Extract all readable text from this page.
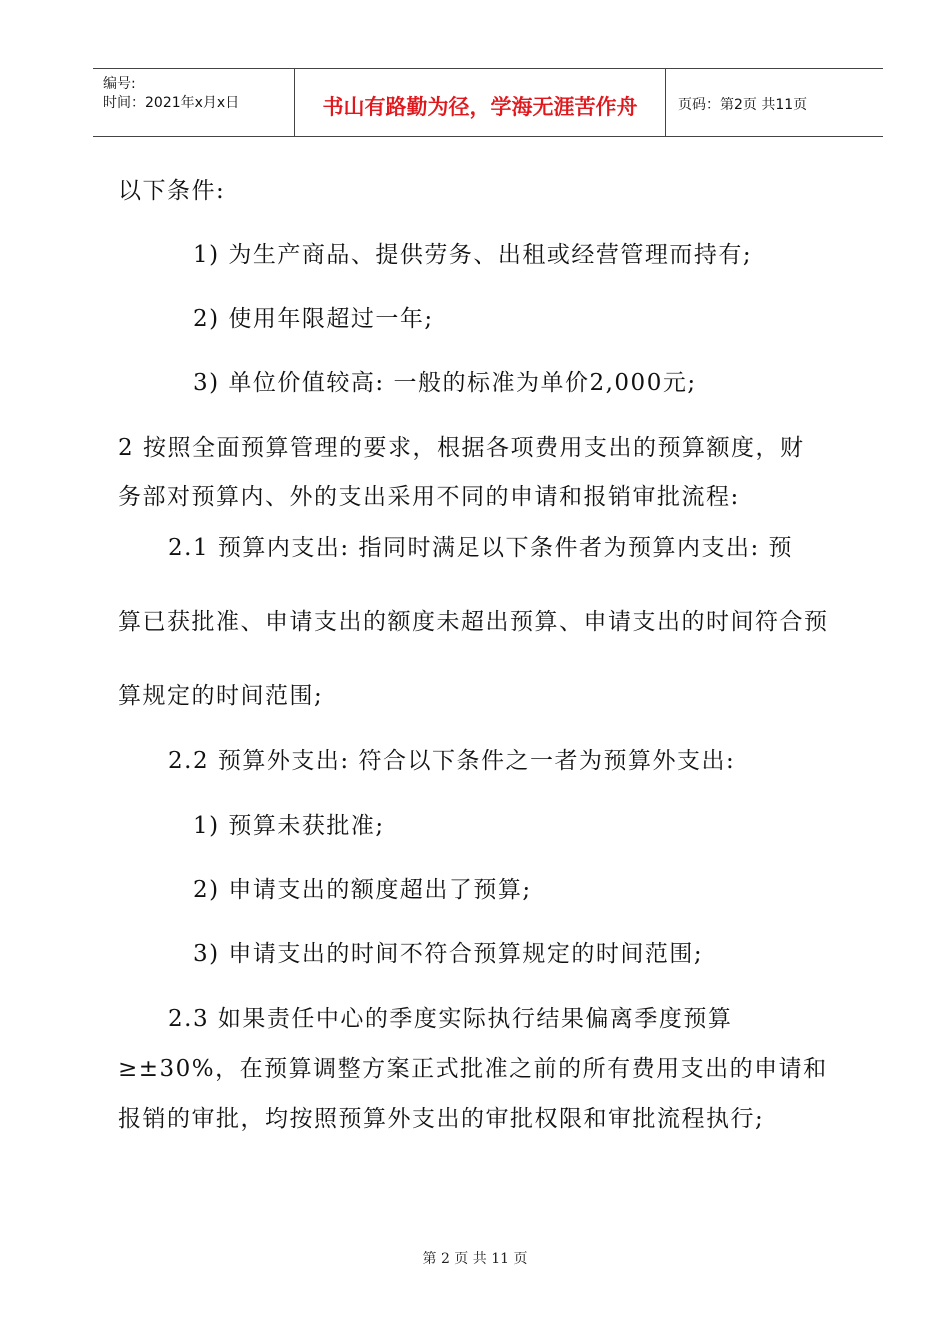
编号:
时间：2021年x月x日	书山有路勤为径，学海无涯苦作舟	页码：第2页 共11页
以下条件:
1) 为生产商品、提供劳务、出租或经营管理而持有;
2) 使用年限超过一年;
3) 单位价值较高: 一般的标准为单价2,000元;
2 按照全面预算管理的要求，根据各项费用支出的预算额度，财
务部对预算内、外的支出采用不同的申请和报销审批流程:
2.1 预算内支出: 指同时满足以下条件者为预算内支出: 预
算已获批准、申请支出的额度未超出预算、申请支出的时间符合预
算规定的时间范围;
2.2 预算外支出: 符合以下条件之一者为预算外支出:
1) 预算未获批准;
2) 申请支出的额度超出了预算;
3) 申请支出的时间不符合预算规定的时间范围;
2.3 如果责任中心的季度实际执行结果偏离季度预算
≥±30%，在预算调整方案正式批准之前的所有费用支出的申请和
报销的审批，均按照预算外支出的审批权限和审批流程执行;
第 2 页 共 11 页
